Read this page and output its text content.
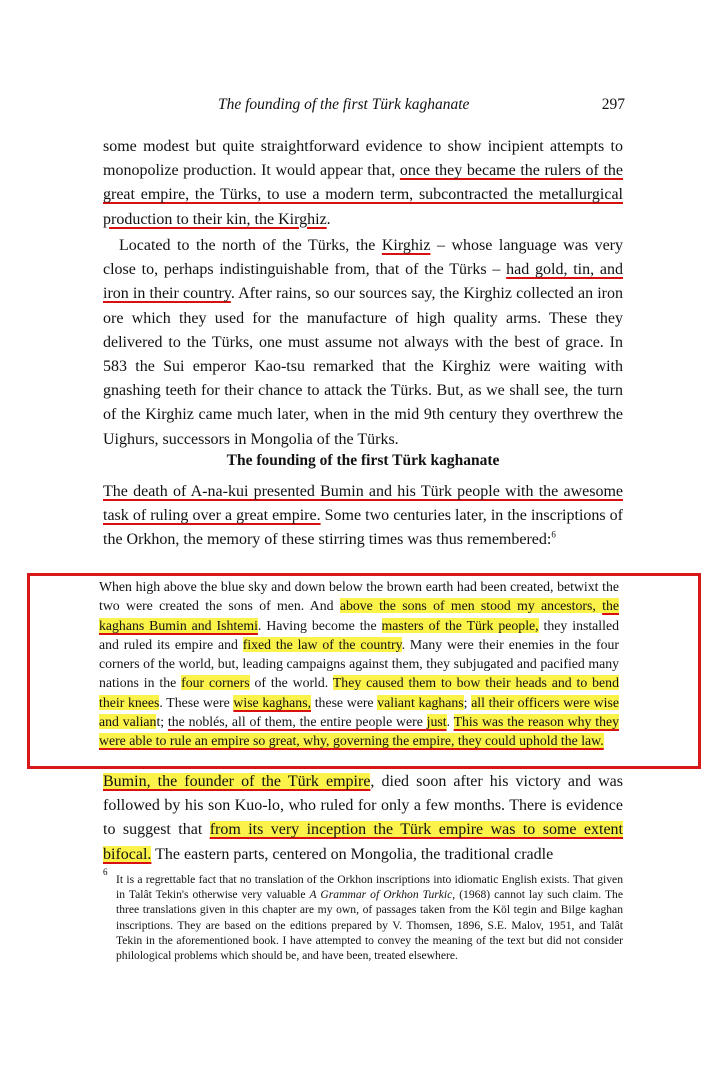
The founding of the first Türk kaghanate	297

some modest but quite straightforward evidence to show incipient attempts to monopolize production. It would appear that, once they became the rulers of the great empire, the Türks, to use a modern term, subcontracted the metallurgical production to their kin, the Kirghiz.

Located to the north of the Türks, the Kirghiz – whose language was very close to, perhaps indistinguishable from, that of the Türks – had gold, tin, and iron in their country. After rains, so our sources say, the Kirghiz collected an iron ore which they used for the manufacture of high quality arms. These they delivered to the Türks, one must assume not always with the best of grace. In 583 the Sui emperor Kao-tsu remarked that the Kirghiz were waiting with gnashing teeth for their chance to attack the Türks. But, as we shall see, the turn of the Kirghiz came much later, when in the mid 9th century they overthrew the Uighurs, successors in Mongolia of the Türks.

The founding of the first Türk kaghanate

The death of A-na-kui presented Bumin and his Türk people with the awesome task of ruling over a great empire. Some two centuries later, in the inscriptions of the Orkhon, the memory of these stirring times was thus remembered:$^6$

When high above the blue sky and down below the brown earth had been created, betwixt the two were created the sons of men. And above the sons of men stood my ancestors, the kaghans Bumin and Ishtemi. Having become the masters of the Türk people, they installed and ruled its empire and fixed the law of the country. Many were their enemies in the four corners of the world, but, leading campaigns against them, they subjugated and pacified many nations in the four corners of the world. They caused them to bow their heads and to bend their knees. These were wise kaghans, these were valiant kaghans; all their officers were wise and valiant; the noblés, all of them, the entire people were just. This was the reason why they were able to rule an empire so great, why, governing the empire, they could uphold the law.

Bumin, the founder of the Türk empire, died soon after his victory and was followed by his son Kuo-lo, who ruled for only a few months. There is evidence to suggest that from its very inception the Türk empire was to some extent bifocal. The eastern parts, centered on Mongolia, the traditional cradle

6
It is a regrettable fact that no translation of the Orkhon inscriptions into idiomatic English exists. That given in Talât Tekin's otherwise very valuable A Grammar of Orkhon Turkic, (1968) cannot lay such claim. The three translations given in this chapter are my own, of passages taken from the Köl tegin and Bilge kaghan inscriptions. They are based on the editions prepared by V. Thomsen, 1896, S.E. Malov, 1951, and Talât Tekin in the aforementioned book. I have attempted to convey the meaning of the text but did not consider philological problems which should be, and have been, treated elsewhere.
